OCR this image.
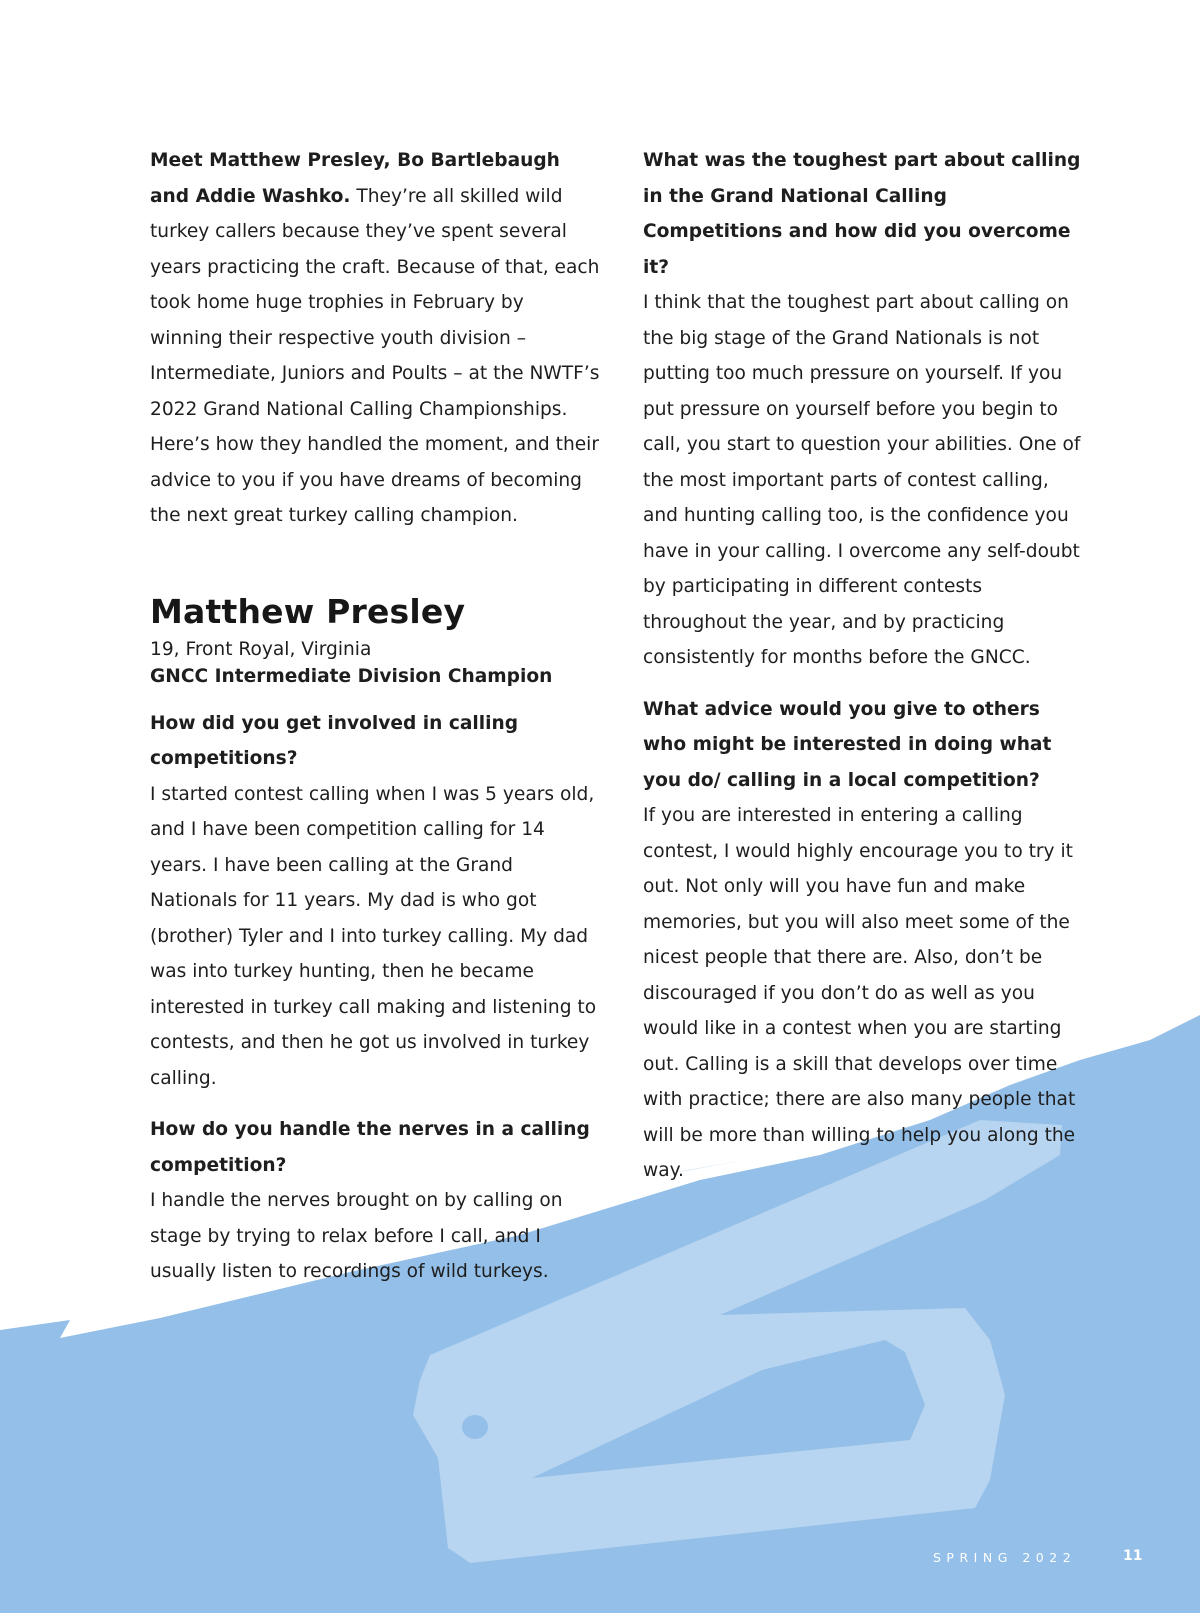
Meet Matthew Presley, Bo Bartlebaugh and Addie Washko. They’re all skilled wild turkey callers because they’ve spent several years practicing the craft. Because of that, each took home huge trophies in February by winning their respective youth division – Intermediate, Juniors and Poults – at the NWTF’s 2022 Grand National Calling Championships. Here’s how they handled the moment, and their advice to you if you have dreams of becoming the next great turkey calling champion.

Matthew Presley
19, Front Royal, Virginia
GNCC Intermediate Division Champion

How did you get involved in calling competitions?

I started contest calling when I was 5 years old, and I have been competition calling for 14 years. I have been calling at the Grand Nationals for 11 years. My dad is who got (brother) Tyler and I into turkey calling. My dad was into turkey hunting, then he became interested in turkey call making and listening to contests, and then he got us involved in turkey calling.

How do you handle the nerves in a calling competition?

I handle the nerves brought on by calling on stage by trying to relax before I call, and I usually listen to recordings of wild turkeys.

What was the toughest part about calling in the Grand National Calling Competitions and how did you overcome it?

I think that the toughest part about calling on the big stage of the Grand Nationals is not putting too much pressure on yourself. If you put pressure on yourself before you begin to call, you start to question your abilities. One of the most important parts of contest calling, and hunting calling too, is the confidence you have in your calling. I overcome any self-doubt by participating in different contests throughout the year, and by practicing consistently for months before the GNCC.

What advice would you give to others who might be interested in doing what you do/ calling in a local competition?

If you are interested in entering a calling contest, I would highly encourage you to try it out. Not only will you have fun and make memories, but you will also meet some of the nicest people that there are. Also, don’t be discouraged if you don’t do as well as you would like in a contest when you are starting out. Calling is a skill that develops over time with practice; there are also many people that will be more than willing to help you along the way.

SPRING 2022	11
